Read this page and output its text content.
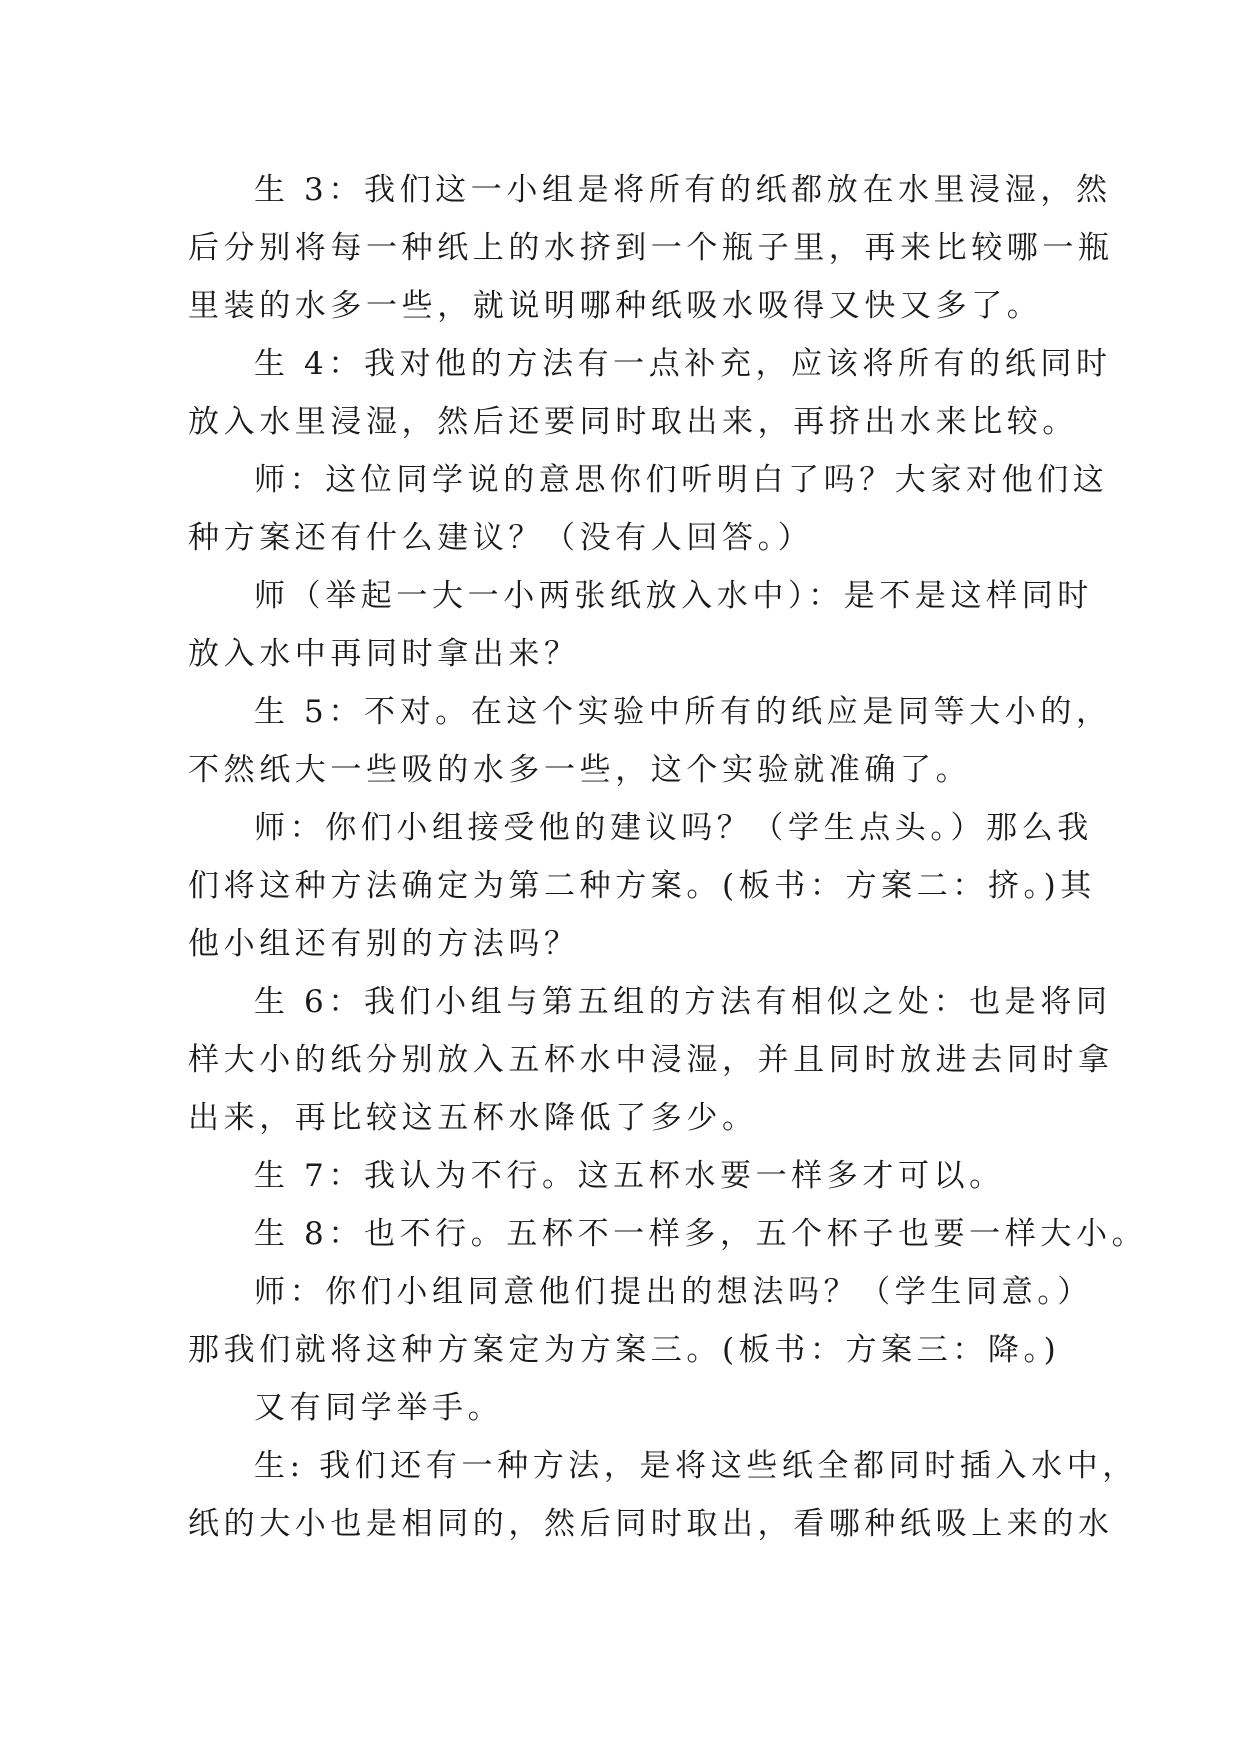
生 3：我们这一小组是将所有的纸都放在水里浸湿，然
后分别将每一种纸上的水挤到一个瓶子里，再来比较哪一瓶
里装的水多一些，就说明哪种纸吸水吸得又快又多了。

生 4：我对他的方法有一点补充，应该将所有的纸同时
放入水里浸湿，然后还要同时取出来，再挤出水来比较。

师：这位同学说的意思你们听明白了吗？大家对他们这
种方案还有什么建议？（没有人回答。）

师（举起一大一小两张纸放入水中）：是不是这样同时
放入水中再同时拿出来？

生 5：不对。在这个实验中所有的纸应是同等大小的，
不然纸大一些吸的水多一些，这个实验就准确了。

师：你们小组接受他的建议吗？（学生点头。）那么我
们将这种方法确定为第二种方案。(板书：方案二：挤。)其
他小组还有别的方法吗？

生 6：我们小组与第五组的方法有相似之处：也是将同
样大小的纸分别放入五杯水中浸湿，并且同时放进去同时拿
出来，再比较这五杯水降低了多少。

生 7：我认为不行。这五杯水要一样多才可以。

生 8：也不行。五杯不一样多，五个杯子也要一样大小。

师：你们小组同意他们提出的想法吗？（学生同意。）
那我们就将这种方案定为方案三。(板书：方案三：降。)

又有同学举手。

生: 我们还有一种方法，是将这些纸全都同时插入水中，
纸的大小也是相同的，然后同时取出，看哪种纸吸上来的水
